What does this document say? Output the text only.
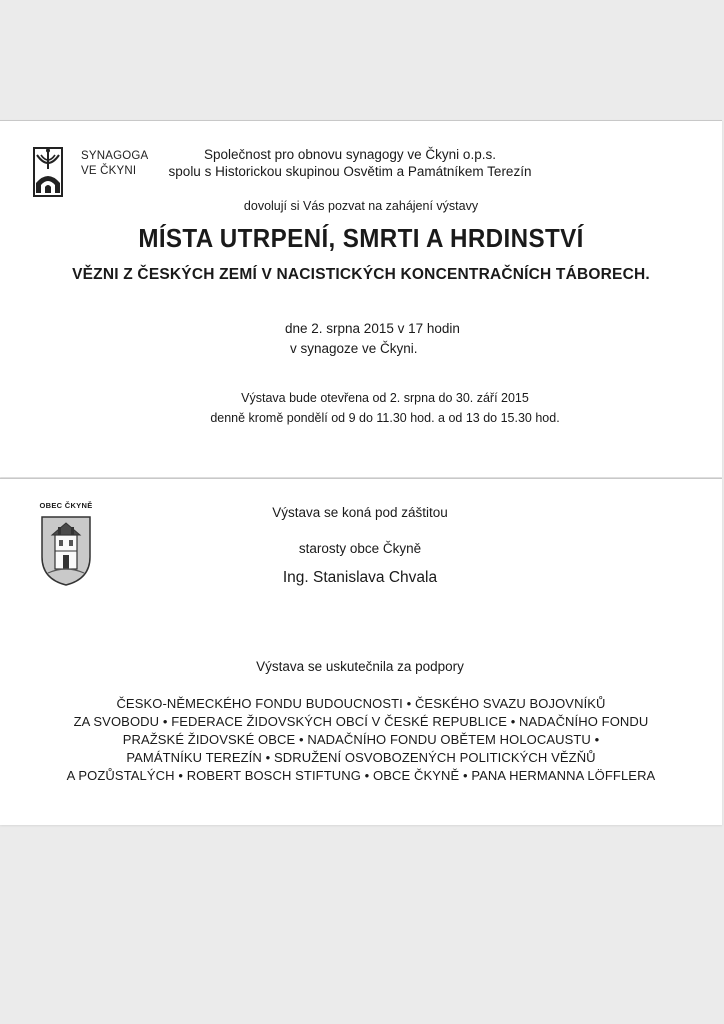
SYNAGOGA
VE ČKYNI
Společnost pro obnovu synagogy ve Čkyni o.p.s.
spolu s Historickou skupinou Osvětim a Památníkem Terezín
dovolují si Vás pozvat na zahájení výstavy
MÍSTA UTRPENÍ, SMRTI A HRDINSTVÍ
VĚZNI Z ČESKÝCH ZEMÍ V NACISTICKÝCH KONCENTRAČNÍCH TÁBORECH.
dne 2. srpna 2015 v 17 hodin
v synagoze ve Čkyni.
Výstava bude otevřena od 2. srpna do 30. září 2015
denně kromě pondělí od 9 do 11.30 hod. a od 13 do 15.30 hod.
OBEC ČKYNĚ	Výstava se koná pod záštitou
starosty obce Čkyně
Ing. Stanislava Chvala
Výstava se uskutečnila za podpory
ČESKO-NĚMECKÉHO FONDU BUDOUCNOSTI • ČESKÉHO SVAZU BOJOVNÍKŮ
ZA SVOBODU • FEDERACE ŽIDOVSKÝCH OBCÍ V ČESKÉ REPUBLICE • NADAČNÍHO FONDU
PRAŽSKÉ ŽIDOVSKÉ OBCE • NADAČNÍHO FONDU OBĚTEM HOLOCAUSTU •
PAMÁTNÍKU TEREZÍN • SDRUŽENÍ OSVOBOZENÝCH POLITICKÝCH VĚZŇŮ
A POZŮSTALÝCH • ROBERT BOSCH STIFTUNG • OBCE ČKYNĚ • PANA HERMANNA LÖFFLERA
